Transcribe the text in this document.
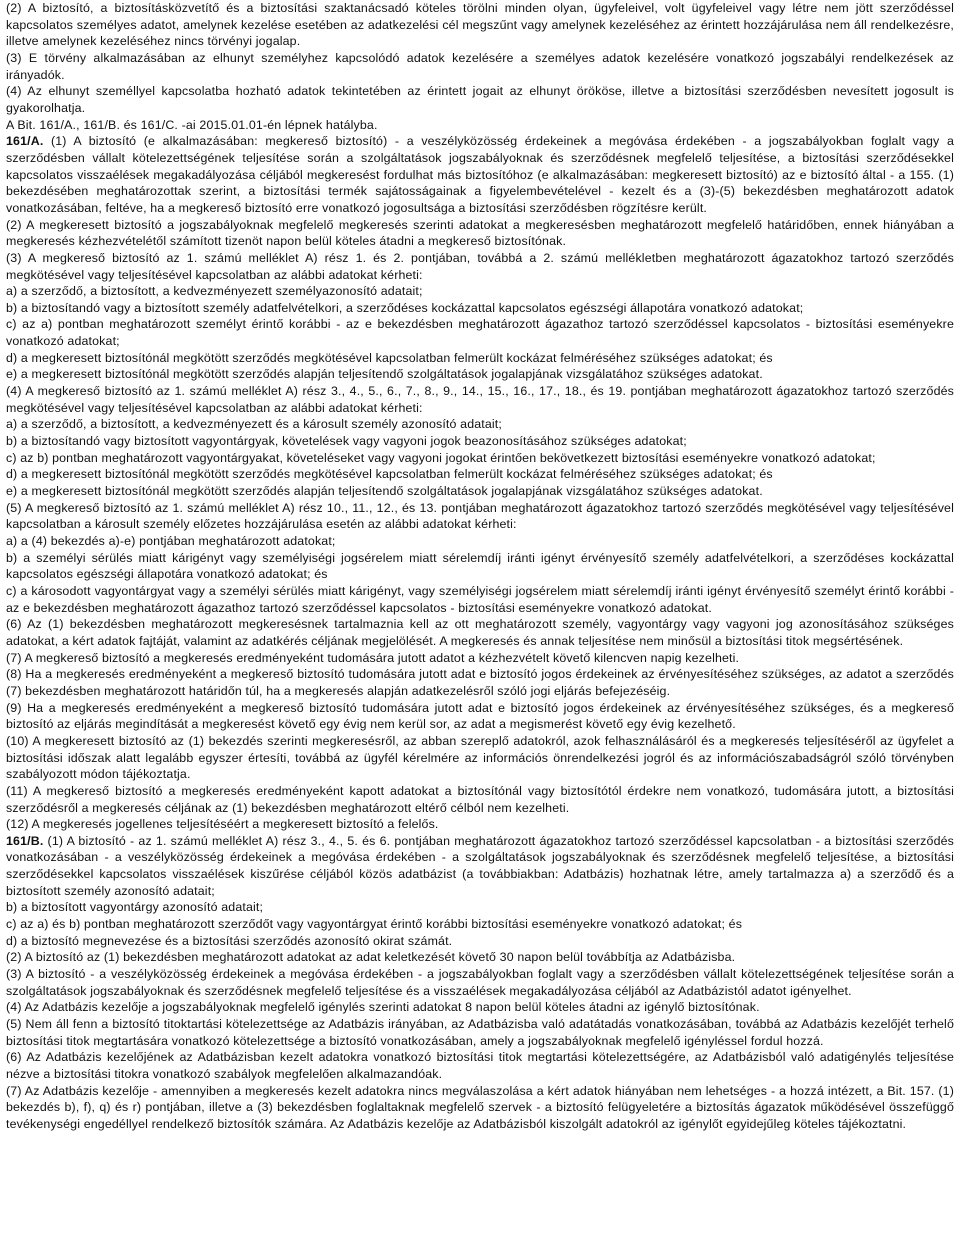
(2) A biztosító, a biztosításközvetítő és a biztosítási szaktanácsadó köteles törölni minden olyan, ügyfeleivel, volt ügyfeleivel vagy létre nem jött szerződéssel kapcsolatos személyes adatot, amelynek kezelése esetében az adatkezelési cél megszűnt vagy amelynek kezeléséhez az érintett hozzájárulása nem áll rendelkezésre, illetve amelynek kezeléséhez nincs törvényi jogalap.

(3) E törvény alkalmazásában az elhunyt személyhez kapcsolódó adatok kezelésére a személyes adatok kezelésére vonatkozó jogszabályi rendelkezések az irányadók.

(4) Az elhunyt személlyel kapcsolatba hozható adatok tekintetében az érintett jogait az elhunyt örököse, illetve a biztosítási szerződésben nevesített jogosult is gyakorolhatja.

A Bit. 161/A., 161/B. és 161/C. -ai 2015.01.01-én lépnek hatályba.

161/A. (1) A biztosító (e alkalmazásában: megkereső biztosító) - a veszélyközösség érdekeinek a megóvása érdekében - a jogszabályokban foglalt vagy a szerződésben vállalt kötelezettségének teljesítése során a szolgáltatások jogszabályoknak és szerződésnek megfelelő teljesítése, a biztosítási szerződésekkel kapcsolatos visszaélések megakadályozása céljából megkeresést fordulhat más biztosítóhoz (e alkalmazásában: megkeresett biztosító) az e biztosító által - a 155. (1) bekezdésében meghatározottak szerint, a biztosítási termék sajátosságainak a figyelembevételével - kezelt és a (3)-(5) bekezdésben meghatározott adatok vonatkozásában, feltéve, ha a megkereső biztosító erre vonatkozó jogosultsága a biztosítási szerződésben rögzítésre került.

(2) A megkeresett biztosító a jogszabályoknak megfelelő megkeresés szerinti adatokat a megkeresésben meghatározott megfelelő határidőben, ennek hiányában a megkeresés kézhezvételétől számított tizenöt napon belül köteles átadni a megkereső biztosítónak.

(3) A megkereső biztosító az 1. számú melléklet A) rész 1. és 2. pontjában, továbbá a 2. számú mellékletben meghatározott ágazatokhoz tartozó szerződés megkötésével vagy teljesítésével kapcsolatban az alábbi adatokat kérheti:

a) a szerződő, a biztosított, a kedvezményezett személyazonosító adatait;

b) a biztosítandó vagy a biztosított személy adatfelvételkori, a szerződéses kockázattal kapcsolatos egészségi állapotára vonatkozó adatokat;

c) az a) pontban meghatározott személyt érintő korábbi - az e bekezdésben meghatározott ágazathoz tartozó szerződéssel kapcsolatos - biztosítási eseményekre vonatkozó adatokat;

d) a megkeresett biztosítónál megkötött szerződés megkötésével kapcsolatban felmerült kockázat felméréséhez szükséges adatokat; és

e) a megkeresett biztosítónál megkötött szerződés alapján teljesítendő szolgáltatások jogalapjának vizsgálatához szükséges adatokat.

(4) A megkereső biztosító az 1. számú melléklet A) rész 3., 4., 5., 6., 7., 8., 9., 14., 15., 16., 17., 18., és 19. pontjában meghatározott ágazatokhoz tartozó szerződés megkötésével vagy teljesítésével kapcsolatban az alábbi adatokat kérheti:

a) a szerződő, a biztosított, a kedvezményezett és a károsult személy azonosító adatait;

b) a biztosítandó vagy biztosított vagyontárgyak, követelések vagy vagyoni jogok beazonosításához szükséges adatokat;

c) az b) pontban meghatározott vagyontárgyakat, követeléseket vagy vagyoni jogokat érintően bekövetkezett biztosítási eseményekre vonatkozó adatokat;

d) a megkeresett biztosítónál megkötött szerződés megkötésével kapcsolatban felmerült kockázat felméréséhez szükséges adatokat; és

e) a megkeresett biztosítónál megkötött szerződés alapján teljesítendő szolgáltatások jogalapjának vizsgálatához szükséges adatokat.

(5) A megkereső biztosító az 1. számú melléklet A) rész 10., 11., 12., és 13. pontjában meghatározott ágazatokhoz tartozó szerződés megkötésével vagy teljesítésével kapcsolatban a károsult személy előzetes hozzájárulása esetén az alábbi adatokat kérheti:

a) a (4) bekezdés a)-e) pontjában meghatározott adatokat;

b) a személyi sérülés miatt kárigényt vagy személyiségi jogsérelem miatt sérelemdíj iránti igényt érvényesítő személy adatfelvételkori, a szerződéses kockázattal kapcsolatos egészségi állapotára vonatkozó adatokat; és

c) a károsodott vagyontárgyat vagy a személyi sérülés miatt kárigényt, vagy személyiségi jogsérelem miatt sérelemdíj iránti igényt érvényesítő személyt érintő korábbi - az e bekezdésben meghatározott ágazathoz tartozó szerződéssel kapcsolatos - biztosítási eseményekre vonatkozó adatokat.

(6) Az (1) bekezdésben meghatározott megkeresésnek tartalmaznia kell az ott meghatározott személy, vagyontárgy vagy vagyoni jog azonosításához szükséges adatokat, a kért adatok fajtáját, valamint az adatkérés céljának megjelölését. A megkeresés és annak teljesítése nem minősül a biztosítási titok megsértésének.

(7) A megkereső biztosító a megkeresés eredményeként tudomására jutott adatot a kézhezvételt követő kilencven napig kezelheti.

(8) Ha a megkeresés eredményeként a megkereső biztosító tudomására jutott adat e biztosító jogos érdekeinek az érvényesítéséhez szükséges, az adatot a szerződés (7) bekezdésben meghatározott határidőn túl, ha a megkeresés alapján adatkezelésről szóló jogi eljárás befejezéséig.

(9) Ha a megkeresés eredményeként a megkereső biztosító tudomására jutott adat e biztosító jogos érdekeinek az érvényesítéséhez szükséges, és a megkereső biztosító az eljárás megindítását a megkeresést követő egy évig nem kerül sor, az adat a megismerést követő egy évig kezelhető.

(10) A megkeresett biztosító az (1) bekezdés szerinti megkeresésről, az abban szereplő adatokról, azok felhasználásáról és a megkeresés teljesítéséről az ügyfelet a biztosítási időszak alatt legalább egyszer értesíti, továbbá az ügyfél kérelmére az információs önrendelkezési jogról és az információszabadságról szóló törvényben szabályozott módon tájékoztatja.

(11) A megkereső biztosító a megkeresés eredményeként kapott adatokat a biztosítónál vagy biztosítótól érdekre nem vonatkozó, tudomására jutott, a biztosítási szerződésről a megkeresés céljának az (1) bekezdésben meghatározott eltérő célból nem kezelheti.

(12) A megkeresés jogellenes teljesítéséért a megkeresett biztosító a felelős.

161/B. (1) A biztosító - az 1. számú melléklet A) rész 3., 4., 5. és 6. pontjában meghatározott ágazatokhoz tartozó szerződéssel kapcsolatban - a biztosítási szerződés vonatkozásában - a veszélyközösség érdekeinek a megóvása érdekében - a szolgáltatások jogszabályoknak és szerződésnek megfelelő teljesítése, a biztosítási szerződésekkel kapcsolatos visszaélések kiszűrése céljából közös adatbázist (a továbbiakban: Adatbázis) hozhatnak létre, amely tartalmazza a) a szerződő és a biztosított személy azonosító adatait;

b) a biztosított vagyontárgy azonosító adatait;

c) az a) és b) pontban meghatározott szerződőt vagy vagyontárgyat érintő korábbi biztosítási eseményekre vonatkozó adatokat; és

d) a biztosító megnevezése és a biztosítási szerződés azonosító okirat számát.

(2) A biztosító az (1) bekezdésben meghatározott adatokat az adat keletkezését követő 30 napon belül továbbítja az Adatbázisba.

(3) A biztosító - a veszélyközösség érdekeinek a megóvása érdekében - a jogszabályokban foglalt vagy a szerződésben vállalt kötelezettségének teljesítése során a szolgáltatások jogszabályoknak és szerződésnek megfelelő teljesítése és a visszaélések megakadályozása céljából az Adatbázistól adatot igényelhet.

(4) Az Adatbázis kezelője a jogszabályoknak megfelelő igénylés szerinti adatokat 8 napon belül köteles átadni az igénylő biztosítónak.

(5) Nem áll fenn a biztosító titoktartási kötelezettsége az Adatbázis irányában, az Adatbázisba való adatátadás vonatkozásában, továbbá az Adatbázis kezelőjét terhelő biztosítási titok megtartására vonatkozó kötelezettsége a biztosító vonatkozásában, amely a jogszabályoknak megfelelő igényléssel fordul hozzá.

(6) Az Adatbázis kezelőjének az Adatbázisban kezelt adatokra vonatkozó biztosítási titok megtartási kötelezettségére, az Adatbázisból való adatigénylés teljesítése nézve a biztosítási titokra vonatkozó szabályok megfelelően alkalmazandóak.

(7) Az Adatbázis kezelője - amennyiben a megkeresés kezelt adatokra nincs megválaszolása a kért adatok hiányában nem lehetséges - a hozzá intézett, a Bit. 157. (1) bekezdés b), f), q) és r) pontjában, illetve a (3) bekezdésben foglaltaknak megfelelő szervek - a biztosító felügyeletére a biztosítás ágazatok működésével összefüggő tevékenységi engedéllyel rendelkező biztosítók számára. Az Adatbázis kezelője az Adatbázisból kiszolgált adatokról az igénylőt egyidejűleg köteles tájékoztatni.
